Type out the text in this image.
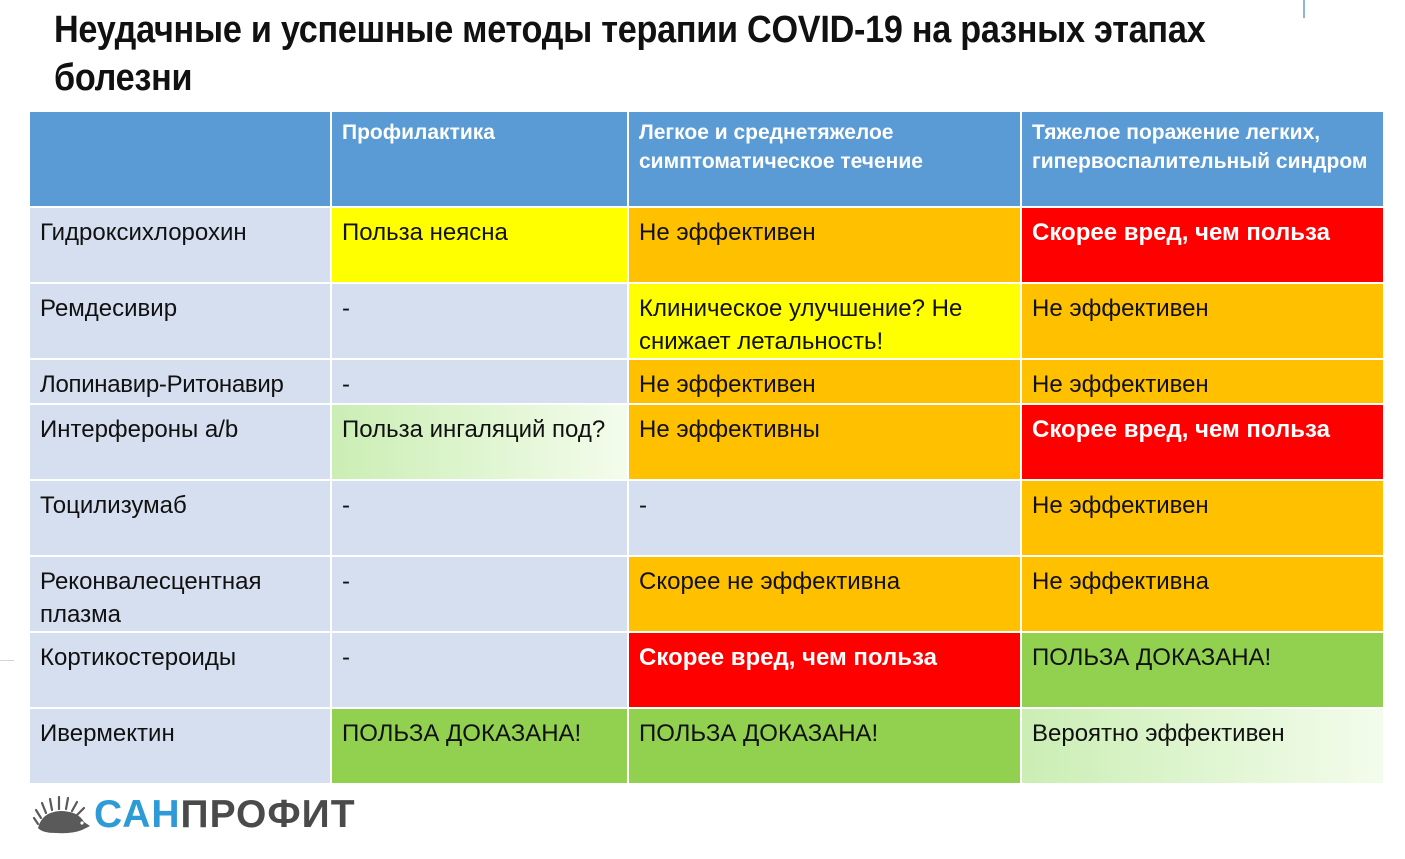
Неудачные и успешные методы терапии COVID-19 на разных этапах болезни
	Профилактика	Легкое и среднетяжелое симптоматическое течение	Тяжелое поражение легких, гипервоспалительный синдром
Гидроксихлорохин	Польза неясна	Не эффективен	Скорее вред, чем польза
Ремдесивир	-	Клиническое улучшение? Не снижает летальность!	Не эффективен
Лопинавир-Ритонавир	-	Не эффективен	Не эффективен
Интерфероны a/b	Польза ингаляций под?	Не эффективны	Скорее вред, чем польза
Тоцилизумаб	-	-	Не эффективен
Реконвалесцентная плазма	-	Скорее не эффективна	Не эффективна
Кортикостероиды	-	Скорее вред, чем польза	ПОЛЬЗА ДОКАЗАНА!
Ивермектин	ПОЛЬЗА ДОКАЗАНА!	ПОЛЬЗА ДОКАЗАНА!	Вероятно эффективен
САНПРОФИТ
